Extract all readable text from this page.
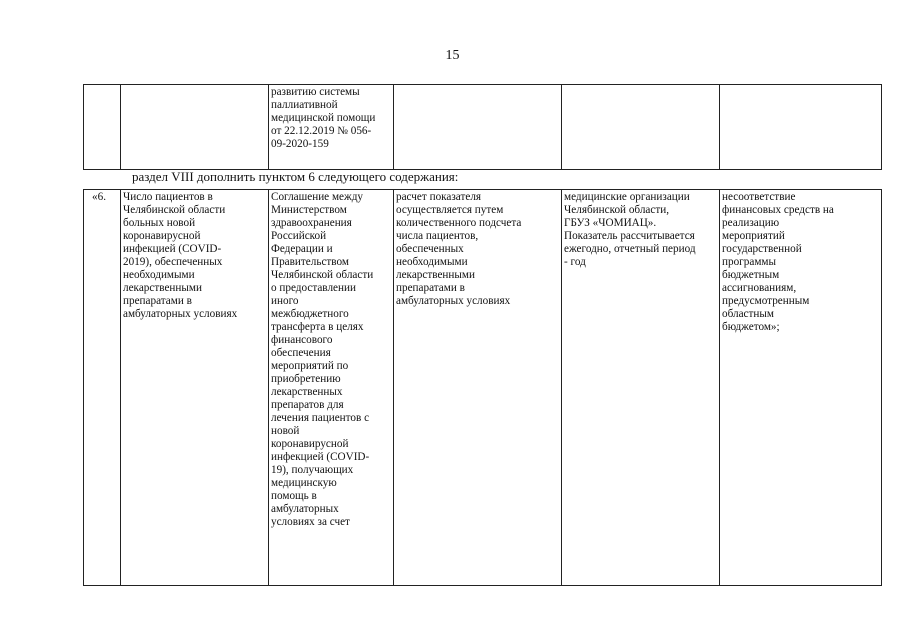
15
		развитию системы
паллиативной
медицинской помощи
от 22.12.2019 № 056-
09-2020-159			
раздел VIII дополнить пунктом 6 следующего содержания:
«6.	Число пациентов в
Челябинской области
больных новой
коронавирусной
инфекцией (COVID-
2019), обеспеченных
необходимыми
лекарственными
препаратами в
амбулаторных условиях	Соглашение между
Министерством
здравоохранения
Российской
Федерации и
Правительством
Челябинской области
о предоставлении
иного
межбюджетного
трансферта в целях
финансового
обеспечения
мероприятий по
приобретению
лекарственных
препаратов для
лечения пациентов с
новой
коронавирусной
инфекцией (COVID-
19), получающих
медицинскую
помощь в
амбулаторных
условиях за счет	расчет показателя
осуществляется путем
количественного подсчета
числа пациентов,
обеспеченных
необходимыми
лекарственными
препаратами в
амбулаторных условиях	медицинские организации
Челябинской области,
ГБУЗ «ЧОМИАЦ».
Показатель рассчитывается
ежегодно, отчетный период
- год	несоответствие
финансовых средств на
реализацию
мероприятий
государственной
программы
бюджетным
ассигнованиям,
предусмотренным
областным
бюджетом»;
